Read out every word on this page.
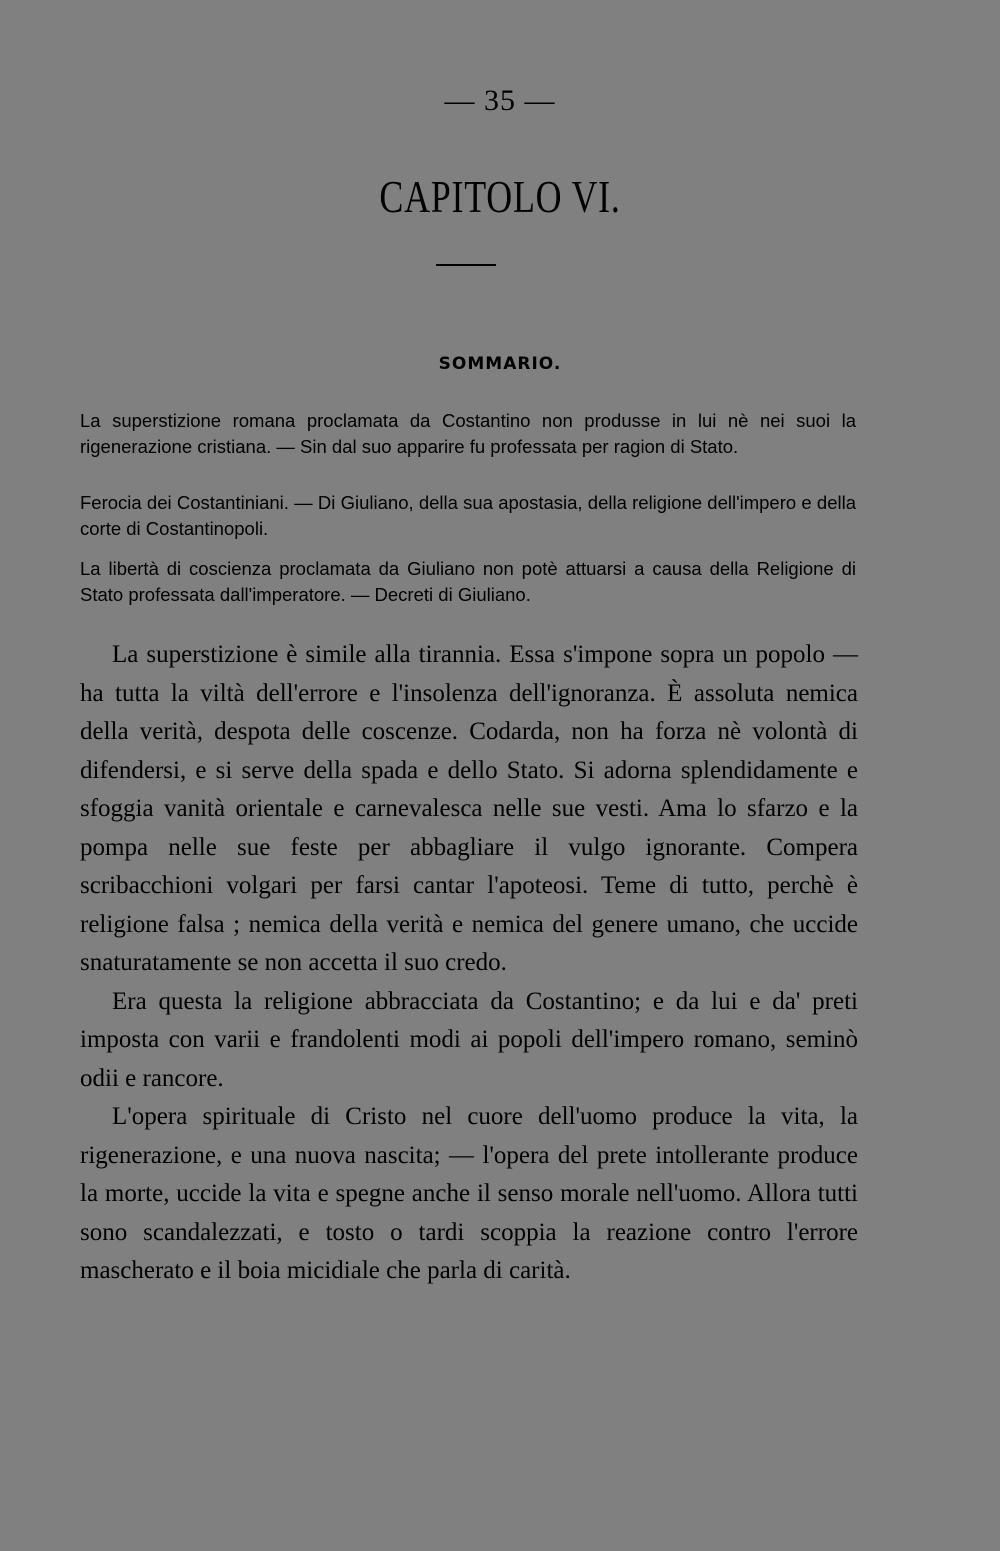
— 35 —
CAPITOLO VI.
SOMMARIO.

La superstizione romana proclamata da Costantino non produsse in lui nè nei suoi la rigenerazione cristiana. — Sin dal suo apparire fu professata per ragion di Stato.

Ferocia dei Costantiniani. — Di Giuliano, della sua apostasia, della religione dell'impero e della corte di Costantinopoli.

La libertà di coscienza proclamata da Giuliano non potè attuarsi a causa della Religione di Stato professata dall'imperatore. — Decreti di Giuliano.

La superstizione è simile alla tirannia. Essa s'impone sopra un popolo — ha tutta la viltà dell'errore e l'insolenza dell'ignoranza. È assoluta nemica della verità, despota delle coscenze. Codarda, non ha forza nè volontà di difendersi, e si serve della spada e dello Stato. Si adorna splendidamente e sfoggia vanità orientale e carnevalesca nelle sue vesti. Ama lo sfarzo e la pompa nelle sue feste per abbagliare il vulgo ignorante. Compera scribacchioni volgari per farsi cantar l'apoteosi. Teme di tutto, perchè è religione falsa ; nemica della verità e nemica del genere umano, che uccide snaturatamente se non accetta il suo credo.

Era questa la religione abbracciata da Costantino; e da lui e da' preti imposta con varii e frandolenti modi ai popoli dell'impero romano, seminò odii e rancore.

L'opera spirituale di Cristo nel cuore dell'uomo produce la vita, la rigenerazione, e una nuova nascita; — l'opera del prete intollerante produce la morte, uccide la vita e spegne anche il senso morale nell'uomo. Allora tutti sono scandalezzati, e tosto o tardi scoppia la reazione contro l'errore mascherato e il boia micidiale che parla di carità.
